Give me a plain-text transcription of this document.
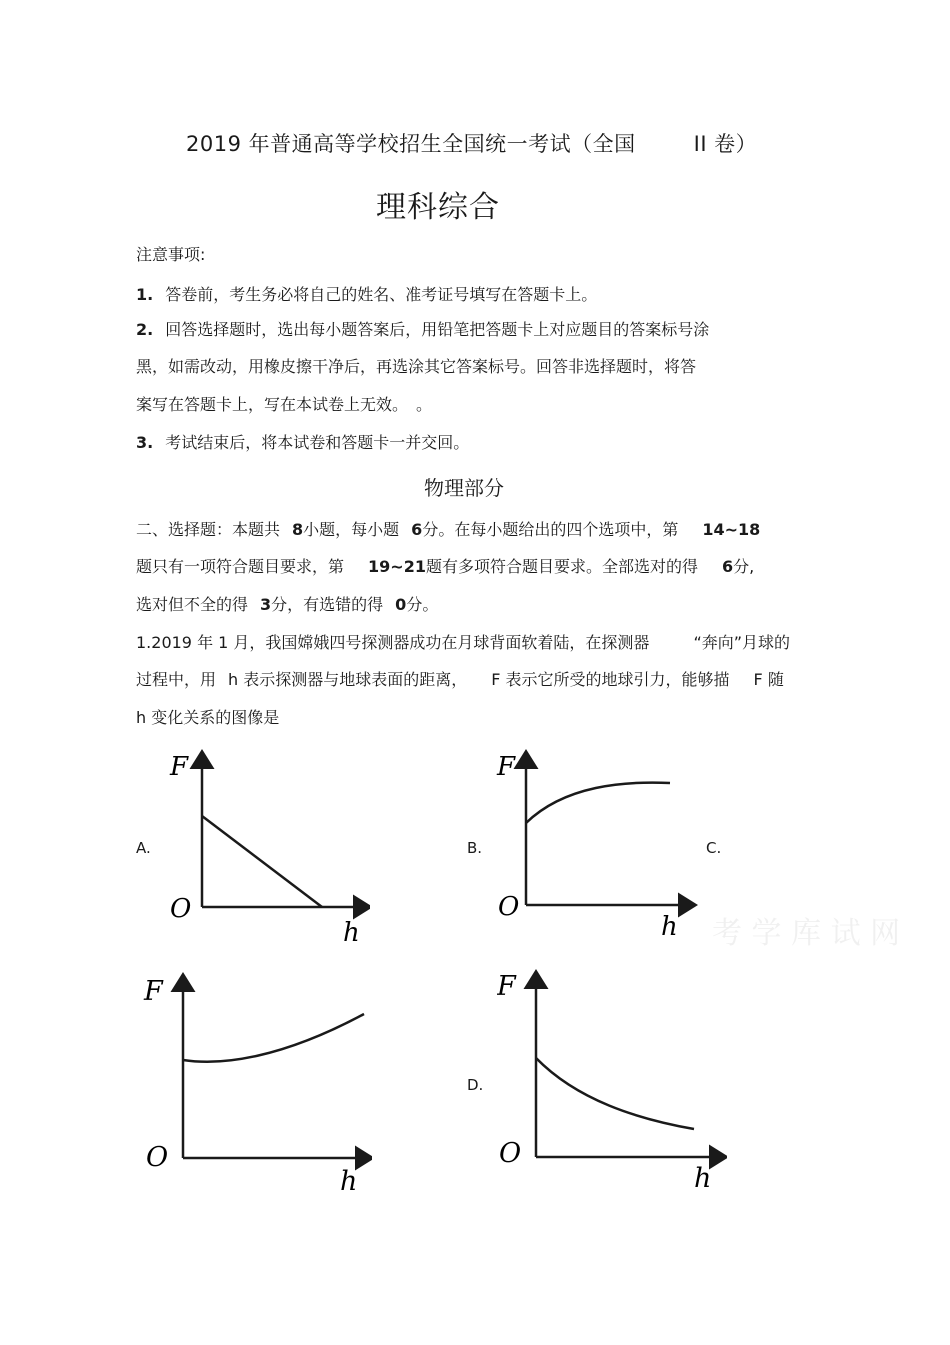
2019 年普通高等学校招生全国统一考试（全国	II 卷）
理科综合
注意事项:
1. 答卷前，考生务必将自己的姓名、准考证号填写在答题卡上。
2. 回答选择题时，选出每小题答案后，用铅笔把答题卡上对应题目的答案标号涂
黑，如需改动，用橡皮擦干净后，再选涂其它答案标号。回答非选择题时，将答
案写在答题卡上，写在本试卷上无效。　。
3. 考试结束后，将本试卷和答题卡一并交回。
物理部分
二、选择题：本题共 8小题，每小题 6分。在每小题给出的四个选项中，第 14~18
题只有一项符合题目要求，第 19~21题有多项符合题目要求。全部选对的得 6分,
选对但不全的得 3分，有选错的得 0分。
1.2019 年 1 月，我国嫦娥四号探测器成功在月球背面软着陆，在探测器	“奔向”月球的
过程中，用 h 表示探测器与地球表面的距离， F 表示它所受的地球引力，能够描 F 随
h 变化关系的图像是
A.	B.	C.
D.
考 学 库 试 网
F
O
h
F
O
h
F
O
h
F
O
h
